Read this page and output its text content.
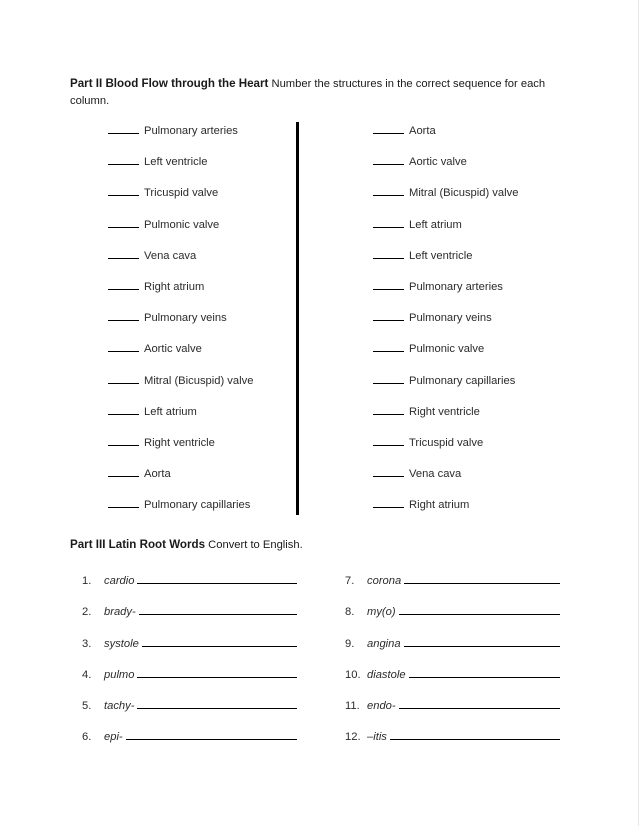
Part II Blood Flow through the Heart Number the structures in the correct sequence for each column.
Pulmonary arteries
Left ventricle
Tricuspid valve
Pulmonic valve
Vena cava
Right atrium
Pulmonary veins
Aortic valve
Mitral (Bicuspid) valve
Left atrium
Right ventricle
Aorta
Pulmonary capillaries
Aorta
Aortic valve
Mitral (Bicuspid) valve
Left atrium
Left ventricle
Pulmonary arteries
Pulmonary veins
Pulmonic valve
Pulmonary capillaries
Right ventricle
Tricuspid valve
Vena cava
Right atrium
Part III Latin Root Words Convert to English.
1.	cardio
2.	brady-
3.	systole
4.	pulmo
5.	tachy-
6.	epi-
7.	corona
8.	my(o)
9.	angina
10. diastole
11. endo-
12. –itis
